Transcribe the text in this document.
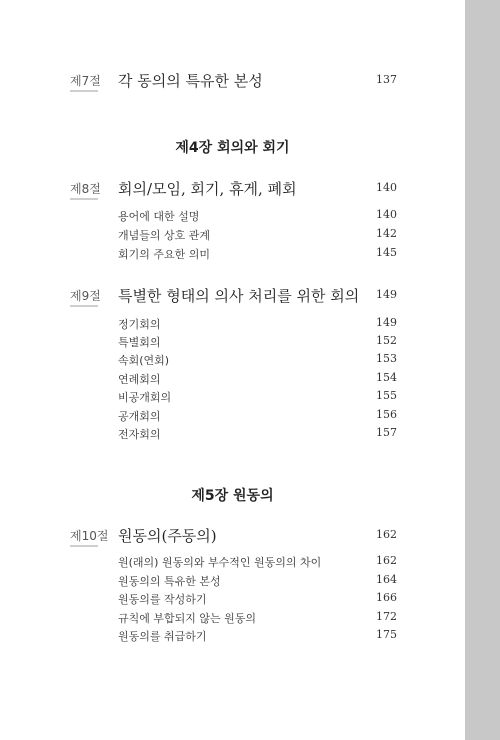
제7절 각 동의의 특유한 본성	137
제4장 회의와 회기
제8절 회의/모임, 회기, 휴게, 폐회	140
용어에 대한 설명	140
개념들의 상호 관계	142
회기의 주요한 의미	145
제9절 특별한 형태의 의사 처리를 위한 회의	149
정기회의	149
특별회의	152
속회(연회)	153
연례회의	154
비공개회의	155
공개회의	156
전자회의	157
제5장 원동의
제10절 원동의(주동의)	162
원(래의) 원동의와 부수적인 원동의의 차이	162
원동의의 특유한 본성	164
원동의를 작성하기	166
규칙에 부합되지 않는 원동의	172
원동의를 취급하기	175
